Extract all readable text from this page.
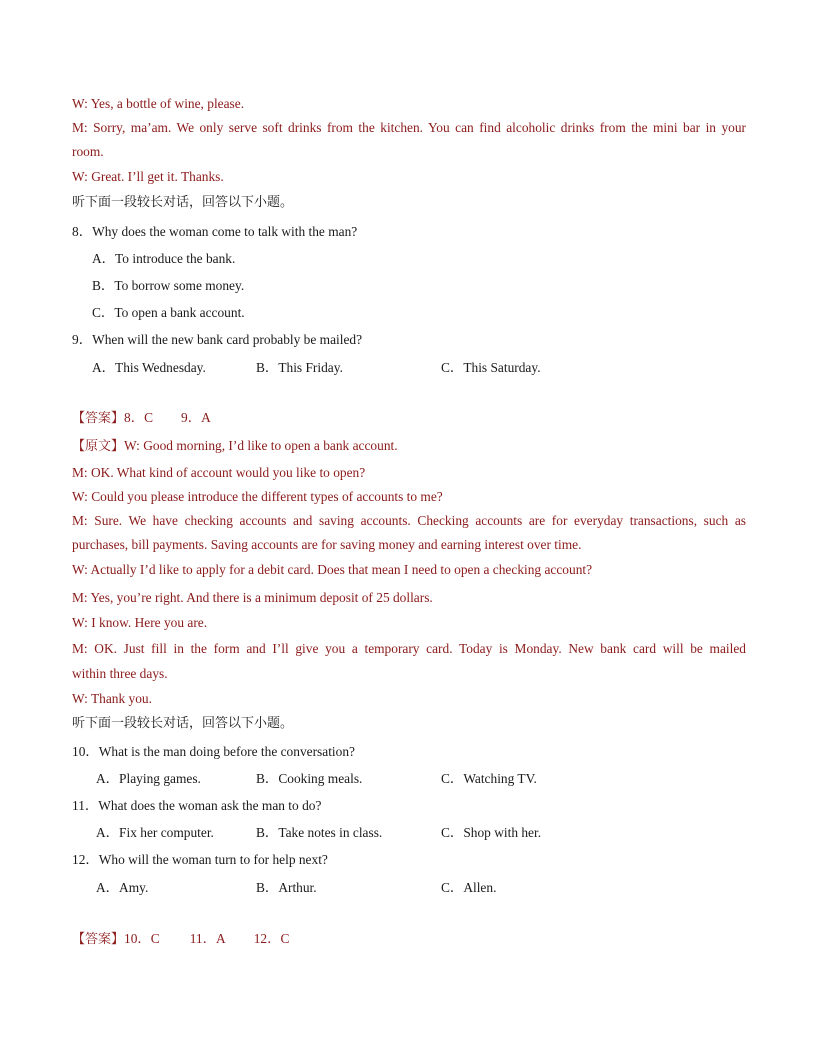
W: Yes, a bottle of wine, please.
M: Sorry, ma’am. We only serve soft drinks from the kitchen. You can find alcoholic drinks from the mini bar in your
room.
W: Great. I’ll get it. Thanks.
听下面一段较长对话，回答以下小题。
8．Why does the woman come to talk with the man?
A．To introduce the bank.
B．To borrow some money.
C．To open a bank account.
9．When will the new bank card probably be mailed?
A．This Wednesday.	B．This Friday.	C．This Saturday.
【答案】8．C 9．A
【原文】W: Good morning, I’d like to open a bank account.
M: OK. What kind of account would you like to open?
W: Could you please introduce the different types of accounts to me?
M: Sure. We have checking accounts and saving accounts. Checking accounts are for everyday transactions, such as
purchases, bill payments. Saving accounts are for saving money and earning interest over time.
W: Actually I’d like to apply for a debit card. Does that mean I need to open a checking account?
M: Yes, you’re right. And there is a minimum deposit of 25 dollars.
W: I know. Here you are.
M: OK. Just fill in the form and I’ll give you a temporary card. Today is Monday. New bank card will be mailed
within three days.
W: Thank you.
听下面一段较长对话，回答以下小题。
10．What is the man doing before the conversation?
A．Playing games.	B．Cooking meals.	C．Watching TV.
11．What does the woman ask the man to do?
A．Fix her computer.	B．Take notes in class.	C．Shop with her.
12．Who will the woman turn to for help next?
A．Amy.	B．Arthur.	C．Allen.
【答案】10．C 11．A 12．C
